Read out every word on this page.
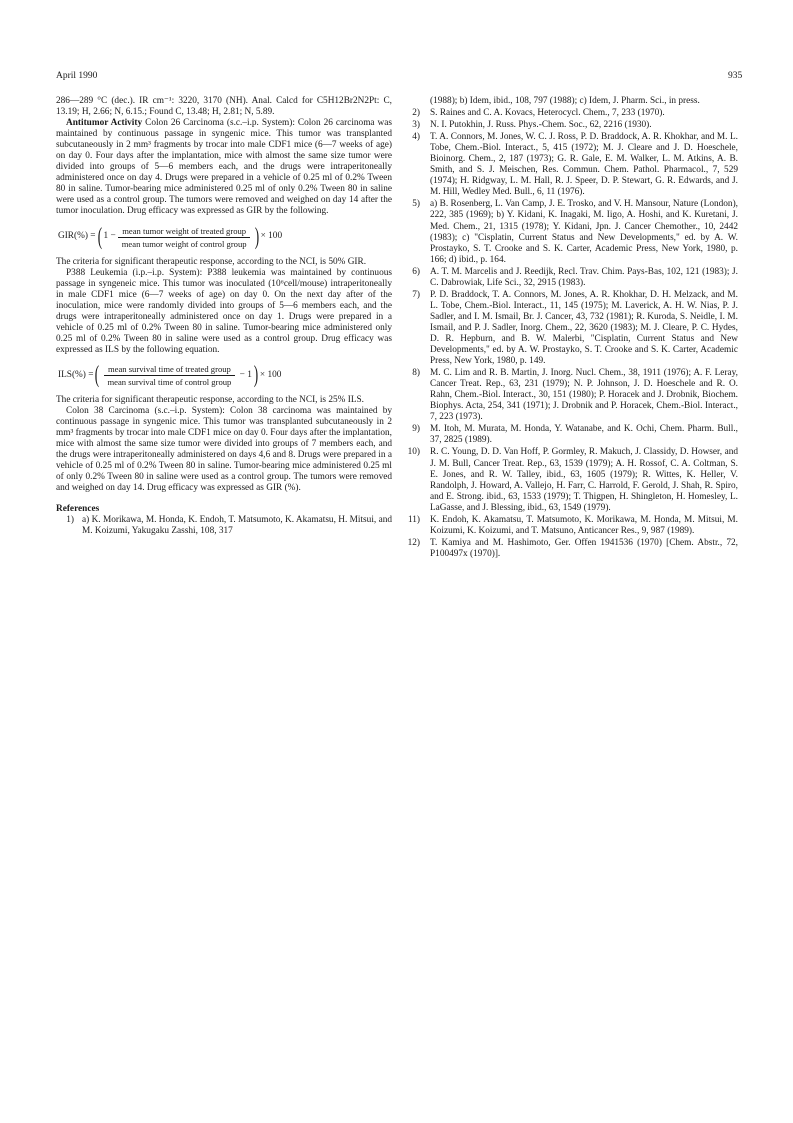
April 1990	935

286—289 °C (dec.). IR cm⁻¹: 3220, 3170 (NH). Anal. Calcd for C5H12Br2N2Pt: C, 13.19; H, 2.66; N, 6.15.; Found C, 13.48; H, 2.81; N, 5.89.

Antitumor Activity Colon 26 Carcinoma (s.c.–i.p. System): Colon 26 carcinoma was maintained by continuous passage in syngenic mice. This tumor was transplanted subcutaneously in 2 mm³ fragments by trocar into male CDF1 mice (6—7 weeks of age) on day 0. Four days after the implantation, mice with almost the same size tumor were divided into groups of 5—6 members each, and the drugs were intraperitoneally administered once on day 4. Drugs were prepared in a vehicle of 0.25 ml of 0.2% Tween 80 in saline. Tumor-bearing mice administered 0.25 ml of only 0.2% Tween 80 in saline were used as a control group. The tumors were removed and weighed on day 14 after the tumor inoculation. Drug efficacy was expressed as GIR by the following.

GIR(%) = ( $1 - \frac{\text{mean tumor weight of treated group}}{\text{mean tumor weight of control group}}$ ) × 100

The criteria for significant therapeutic response, according to the NCI, is 50% GIR.

P388 Leukemia (i.p.–i.p. System): P388 leukemia was maintained by continuous passage in syngeneic mice. This tumor was inoculated (10⁶cell/mouse) intraperitoneally in male CDF1 mice (6—7 weeks of age) on day 0. On the next day after of the inoculation, mice were randomly divided into groups of 5—6 members each, and the drugs were intraperitoneally administered once on day 1. Drugs were prepared in a vehicle of 0.25 ml of 0.2% Tween 80 in saline. Tumor-bearing mice administered only 0.25 ml of 0.2% Tween 80 in saline were used as a control group. Drug efficacy was expressed as ILS by the following equation.

ILS(%) = ( $\frac{\text{mean survival time of treated group}}{\text{mean survival time of control group}}$
− 1 ) × 100

The criteria for significant therapeutic response, according to the NCI, is 25% ILS.

Colon 38 Carcinoma (s.c.–i.p. System): Colon 38 carcinoma was maintained by continuous passage in syngenic mice. This tumor was transplanted subcutaneously in 2 mm³ fragments by trocar into male CDF1 mice on day 0. Four days after the implantation, mice with almost the same size tumor were divided into groups of 7 members each, and the drugs were intraperitoneally administered on days 4,6 and 8. Drugs were prepared in a vehicle of 0.25 ml of 0.2% Tween 80 in saline. Tumor-bearing mice administered 0.25 ml of only 0.2% Tween 80 in saline were used as a control group. The tumors were removed and weighed on day 14. Drug efficacy was expressed as GIR (%).

References

1) a) K. Morikawa, M. Honda, K. Endoh, T. Matsumoto, K. Akamatsu, H. Mitsui, and M. Koizumi, Yakugaku Zasshi, 108, 317
(1988); b) Idem, ibid., 108, 797 (1988); c) Idem, J. Pharm. Sci., in press.
2)	S. Raines and C. A. Kovacs, Heterocycl. Chem., 7, 233 (1970).
3)	N. I. Putokhin, J. Russ. Phys.-Chem. Soc., 62, 2216 (1930).
4)	T. A. Connors, M. Jones, W. C. J. Ross, P. D. Braddock, A. R. Khokhar, and M. L. Tobe, Chem.-Biol. Interact., 5, 415 (1972); M. J. Cleare and J. D. Hoeschele, Bioinorg. Chem., 2, 187 (1973); G. R. Gale, E. M. Walker, L. M. Atkins, A. B. Smith, and S. J. Meischen, Res. Commun. Chem. Pathol. Pharmacol., 7, 529 (1974); H. Ridgway, L. M. Hall, R. J. Speer, D. P. Stewart, G. R. Edwards, and J. M. Hill, Wedley Med. Bull., 6, 11 (1976).
5)	a) B. Rosenberg, L. Van Camp, J. E. Trosko, and V. H. Mansour, Nature (London), 222, 385 (1969); b) Y. Kidani, K. Inagaki, M. Iigo, A. Hoshi, and K. Kuretani, J. Med. Chem., 21, 1315 (1978); Y. Kidani, Jpn. J. Cancer Chemother., 10, 2442 (1983); c) "Cisplatin, Current Status and New Developments," ed. by A. W. Prostayko, S. T. Crooke and S. K. Carter, Academic Press, New York, 1980, p. 166; d) ibid., p. 164.
6)	A. T. M. Marcelis and J. Reedijk, Recl. Trav. Chim. Pays-Bas, 102, 121 (1983); J. C. Dabrowiak, Life Sci., 32, 2915 (1983).
7)	P. D. Braddock, T. A. Connors, M. Jones, A. R. Khokhar, D. H. Melzack, and M. L. Tobe, Chem.-Biol. Interact., 11, 145 (1975); M. Laverick, A. H. W. Nias, P. J. Sadler, and I. M. Ismail, Br. J. Cancer, 43, 732 (1981); R. Kuroda, S. Neidle, I. M. Ismail, and P. J. Sadler, Inorg. Chem., 22, 3620 (1983); M. J. Cleare, P. C. Hydes, D. R. Hepburn, and B. W. Malerbi, "Cisplatin, Current Status and New Developments," ed. by A. W. Prostayko, S. T. Crooke and S. K. Carter, Academic Press, New York, 1980, p. 149.
8)	M. C. Lim and R. B. Martin, J. Inorg. Nucl. Chem., 38, 1911 (1976); A. F. Leray, Cancer Treat. Rep., 63, 231 (1979); N. P. Johnson, J. D. Hoeschele and R. O. Rahn, Chem.-Biol. Interact., 30, 151 (1980); P. Horacek and J. Drobnik, Biochem. Biophys. Acta, 254, 341 (1971); J. Drobnik and P. Horacek, Chem.-Biol. Interact., 7, 223 (1973).
9)	M. Itoh, M. Murata, M. Honda, Y. Watanabe, and K. Ochi, Chem. Pharm. Bull., 37, 2825 (1989).
10)	R. C. Young, D. D. Van Hoff, P. Gormley, R. Makuch, J. Classidy, D. Howser, and J. M. Bull, Cancer Treat. Rep., 63, 1539 (1979); A. H. Rossof, C. A. Coltman, S. E. Jones, and R. W. Talley, ibid., 63, 1605 (1979); R. Wittes, K. Heller, V. Randolph, J. Howard, A. Vallejo, H. Farr, C. Harrold, F. Gerold, J. Shah, R. Spiro, and E. Strong. ibid., 63, 1533 (1979); T. Thigpen, H. Shingleton, H. Homesley, L. LaGasse, and J. Blessing, ibid., 63, 1549 (1979).
11)	K. Endoh, K. Akamatsu, T. Matsumoto, K. Morikawa, M. Honda, M. Mitsui, M. Koizumi, K. Koizumi, and T. Matsuno, Anticancer Res., 9, 987 (1989).
12)	T. Kamiya and M. Hashimoto, Ger. Offen 1941536 (1970) [Chem. Abstr., 72, P100497x (1970)].
